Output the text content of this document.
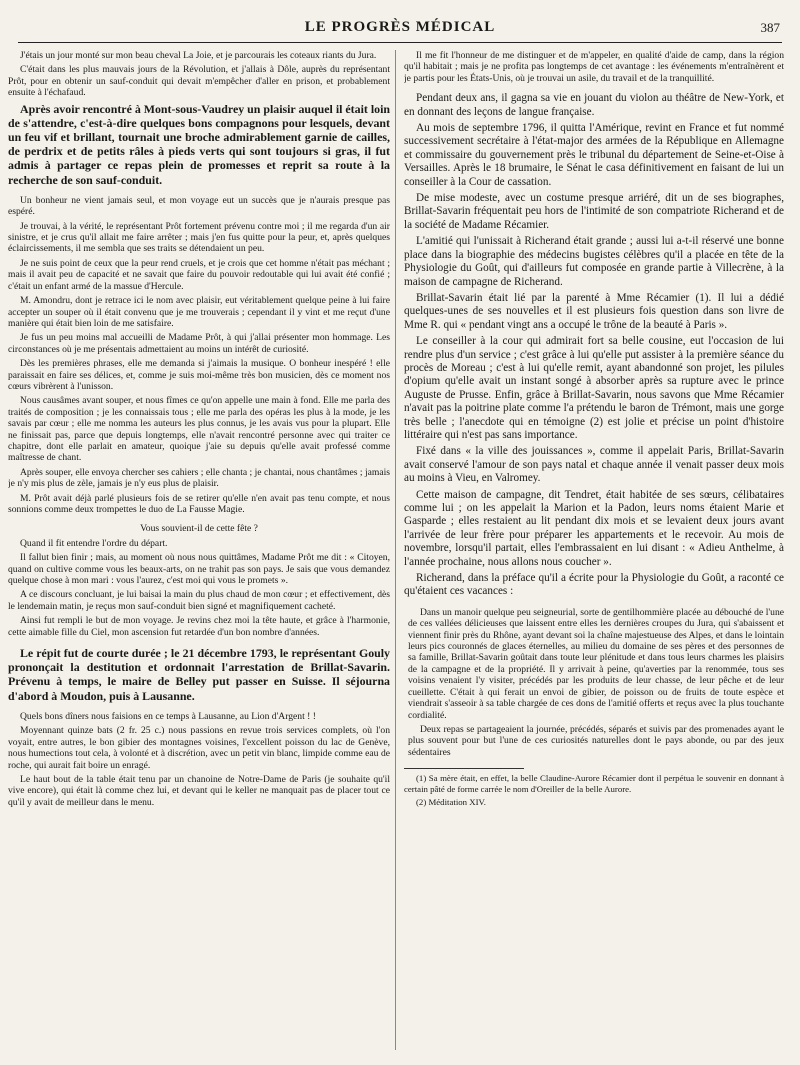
LE PROGRÈS MÉDICAL	387

J'étais un jour monté sur mon beau cheval La Joie, et je parcourais les coteaux riants du Jura.

C'était dans les plus mauvais jours de la Révolution, et j'allais à Dôle, auprès du représentant Prôt, pour en obtenir un sauf-conduit qui devait m'empêcher d'aller en prison, et probablement ensuite à l'échafaud.

Après avoir rencontré à Mont-sous-Vaudrey un plaisir auquel il était loin de s'attendre, c'est-à-dire quelques bons compagnons pour lesquels, devant un feu vif et brillant, tournait une broche admirablement garnie de cailles, de perdrix et de petits râles à pieds verts qui sont toujours si gras, il fut admis à partager ce repas plein de promesses et reprit sa route à la recherche de son sauf-conduit.

Un bonheur ne vient jamais seul, et mon voyage eut un succès que je n'aurais presque pas espéré.

Je trouvai, à la vérité, le représentant Prôt fortement prévenu contre moi ; il me regarda d'un air sinistre, et je crus qu'il allait me faire arrêter ; mais j'en fus quitte pour la peur, et, après quelques éclaircissements, il me sembla que ses traits se détendaient un peu.

Je ne suis point de ceux que la peur rend cruels, et je crois que cet homme n'était pas méchant ; mais il avait peu de capacité et ne savait que faire du pouvoir redoutable qui lui avait été confié ; c'était un enfant armé de la massue d'Hercule.

M. Amondru, dont je retrace ici le nom avec plaisir, eut véritablement quelque peine à lui faire accepter un souper où il était convenu que je me trouverais ; cependant il y vint et me reçut d'une manière qui était bien loin de me satisfaire.

Je fus un peu moins mal accueilli de Madame Prôt, à qui j'allai présenter mon hommage. Les circonstances où je me présentais admettaient au moins un intérêt de curiosité.

Dès les premières phrases, elle me demanda si j'aimais la musique. O bonheur inespéré ! elle paraissait en faire ses délices, et, comme je suis moi-même très bon musicien, dès ce moment nos cœurs vibrèrent à l'unisson.

Nous causâmes avant souper, et nous fîmes ce qu'on appelle une main à fond. Elle me parla des traités de composition ; je les connaissais tous ; elle me parla des opéras les plus à la mode, je les savais par cœur ; elle me nomma les auteurs les plus connus, je les avais vus pour la plupart. Elle ne finissait pas, parce que depuis longtemps, elle n'avait rencontré personne avec qui traiter ce chapitre, dont elle parlait en amateur, quoique j'aie su depuis qu'elle avait professé comme maîtresse de chant.

Après souper, elle envoya chercher ses cahiers ; elle chanta ; je chantai, nous chantâmes ; jamais je n'y mis plus de zèle, jamais je n'y eus plus de plaisir.

M. Prôt avait déjà parlé plusieurs fois de se retirer qu'elle n'en avait pas tenu compte, et nous sonnions comme deux trompettes le duo de La Fausse Magie.

Vous souvient-il de cette fête ?

Quand il fit entendre l'ordre du départ.

Il fallut bien finir ; mais, au moment où nous nous quittâmes, Madame Prôt me dit : « Citoyen, quand on cultive comme vous les beaux-arts, on ne trahit pas son pays. Je sais que vous demandez quelque chose à mon mari : vous l'aurez, c'est moi qui vous le promets ».

A ce discours concluant, je lui baisai la main du plus chaud de mon cœur ; et effectivement, dès le lendemain matin, je reçus mon sauf-conduit bien signé et magnifiquement cacheté.

Ainsi fut rempli le but de mon voyage. Je revins chez moi la tête haute, et grâce à l'harmonie, cette aimable fille du Ciel, mon ascension fut retardée d'un bon nombre d'années.

Le répit fut de courte durée ; le 21 décembre 1793, le représentant Gouly prononçait la destitution et ordonnait l'arrestation de Brillat-Savarin. Prévenu à temps, le maire de Belley put passer en Suisse. Il séjourna d'abord à Moudon, puis à Lausanne.

Quels bons dîners nous faisions en ce temps à Lausanne, au Lion d'Argent ! !

Moyennant quinze bats (2 fr. 25 c.) nous passions en revue trois services complets, où l'on voyait, entre autres, le bon gibier des montagnes voisines, l'excellent poisson du lac de Genève, nous humections tout cela, à volonté et à discrétion, avec un petit vin blanc, limpide comme eau de roche, qui aurait fait boire un enragé.

Le haut bout de la table était tenu par un chanoine de Notre-Dame de Paris (je souhaite qu'il vive encore), qui était là comme chez lui, et devant qui le keller ne manquait pas de placer tout ce qu'il y avait de meilleur dans le menu.

Il me fit l'honneur de me distinguer et de m'appeler, en qualité d'aide de camp, dans la région qu'il habitait ; mais je ne profita pas longtemps de cet avantage : les événements m'entraînèrent et je partis pour les États-Unis, où je trouvai un asile, du travail et de la tranquillité.

Pendant deux ans, il gagna sa vie en jouant du violon au théâtre de New-York, et en donnant des leçons de langue française.

Au mois de septembre 1796, il quitta l'Amérique, revint en France et fut nommé successivement secrétaire à l'état-major des armées de la République en Allemagne et commissaire du gouvernement près le tribunal du département de Seine-et-Oise à Versailles. Après le 18 brumaire, le Sénat le casa définitivement en faisant de lui un conseiller à la Cour de cassation.

De mise modeste, avec un costume presque arriéré, dit un de ses biographes, Brillat-Savarin fréquentait peu hors de l'intimité de son compatriote Richerand et de la société de Madame Récamier.

L'amitié qui l'unissait à Richerand était grande ; aussi lui a-t-il réservé une bonne place dans la biographie des médecins bugistes célèbres qu'il a placée en tête de la Physiologie du Goût, qui d'ailleurs fut composée en grande partie à Villecrène, à la maison de campagne de Richerand.

Brillat-Savarin était lié par la parenté à Mme Récamier (1). Il lui a dédié quelques-unes de ses nouvelles et il est plusieurs fois question dans son livre de Mme R. qui « pendant vingt ans a occupé le trône de la beauté à Paris ».

Le conseiller à la cour qui admirait fort sa belle cousine, eut l'occasion de lui rendre plus d'un service ; c'est grâce à lui qu'elle put assister à la première séance du procès de Moreau ; c'est à lui qu'elle remit, ayant abandonné son projet, les pilules d'opium qu'elle avait un instant songé à absorber après sa rupture avec le prince Auguste de Prusse. Enfin, grâce à Brillat-Savarin, nous savons que Mme Récamier n'avait pas la poitrine plate comme l'a prétendu le baron de Trémont, mais une gorge très belle ; l'anecdote qui en témoigne (2) est jolie et précise un point d'histoire littéraire qui n'est pas sans importance.

Fixé dans « la ville des jouissances », comme il appelait Paris, Brillat-Savarin avait conservé l'amour de son pays natal et chaque année il venait passer deux mois au moins à Vieu, en Valromey.

Cette maison de campagne, dit Tendret, était habitée de ses sœurs, célibataires comme lui ; on les appelait la Marion et la Padon, leurs noms étaient Marie et Gasparde ; elles restaient au lit pendant dix mois et se levaient deux jours avant l'arrivée de leur frère pour préparer les appartements et le recevoir. Au mois de novembre, lorsqu'il partait, elles l'embrassaient en lui disant : « Adieu Anthelme, à l'année prochaine, nous allons nous coucher ».

Richerand, dans la préface qu'il a écrite pour la Physiologie du Goût, a raconté ce qu'étaient ces vacances :

Dans un manoir quelque peu seigneurial, sorte de gentilhommière placée au débouché de l'une de ces vallées délicieuses que laissent entre elles les dernières croupes du Jura, qui s'abaissent et viennent finir près du Rhône, ayant devant soi la chaîne majestueuse des Alpes, et dans le lointain leurs pics couronnés de glaces éternelles, au milieu du domaine de ses pères et des personnes de sa famille, Brillat-Savarin goûtait dans toute leur plénitude et dans tous leurs charmes les plaisirs de la campagne et de la propriété. Il y arrivait à peine, qu'averties par la renommée, tous ses voisins venaient l'y visiter, précédés par les produits de leur chasse, de leur pêche et de leur cueillette. C'était à qui ferait un envoi de gibier, de poisson ou de fruits de toute espèce et viendrait s'asseoir à sa table chargée de ces dons de l'amitié offerts et reçus avec la plus touchante cordialité.

Deux repas se partageaient la journée, précédés, séparés et suivis par des promenades ayant le plus souvent pour but l'une de ces curiosités naturelles dont le pays abonde, ou par des jeux sédentaires

(1) Sa mère était, en effet, la belle Claudine-Aurore Récamier dont il perpétua le souvenir en donnant à certain pâté de forme carrée le nom d'Oreiller de la belle Aurore.

(2) Méditation XIV.
